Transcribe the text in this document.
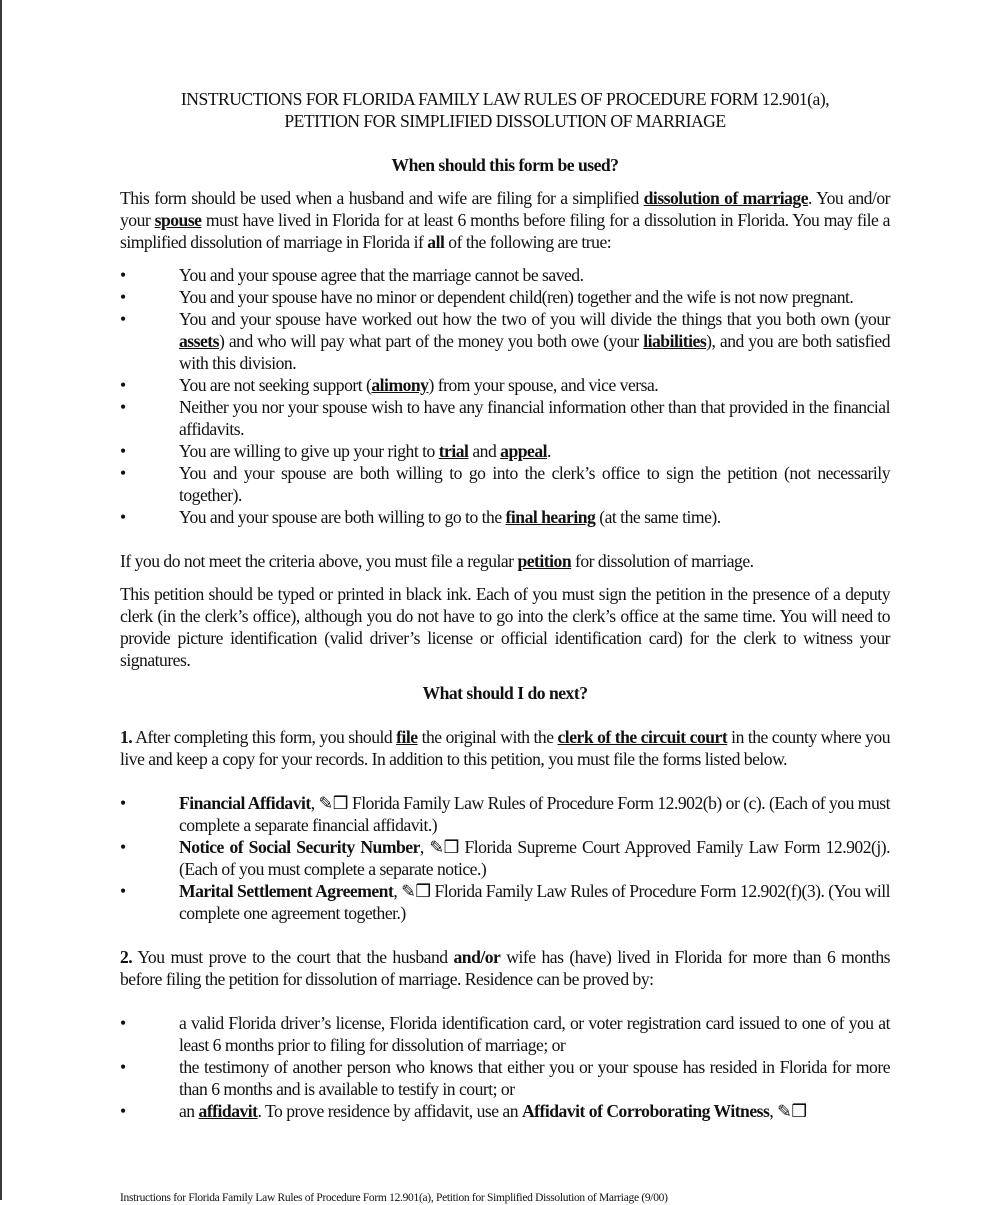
INSTRUCTIONS FOR FLORIDA FAMILY LAW RULES OF PROCEDURE FORM 12.901(a),
PETITION FOR SIMPLIFIED DISSOLUTION OF MARRIAGE

When should this form be used?

This form should be used when a husband and wife are filing for a simplified dissolution of marriage. You and/or your spouse must have lived in Florida for at least 6 months before filing for a dissolution in Florida. You may file a simplified dissolution of marriage in Florida if all of the following are true:

•	You and your spouse agree that the marriage cannot be saved.
•	You and your spouse have no minor or dependent child(ren) together and the wife is not now pregnant.
•	You and your spouse have worked out how the two of you will divide the things that you both own (your assets) and who will pay what part of the money you both owe (your liabilities), and you are both satisfied with this division.
•	You are not seeking support (alimony) from your spouse, and vice versa.
•	Neither you nor your spouse wish to have any financial information other than that provided in the financial affidavits.
•	You are willing to give up your right to trial and appeal.
•	You and your spouse are both willing to go into the clerk’s office to sign the petition (not necessarily together).
•	You and your spouse are both willing to go to the final hearing (at the same time).

If you do not meet the criteria above, you must file a regular petition for dissolution of marriage.

This petition should be typed or printed in black ink. Each of you must sign the petition in the presence of a deputy clerk (in the clerk’s office), although you do not have to go into the clerk’s office at the same time. You will need to provide picture identification (valid driver’s license or official identification card) for the clerk to witness your signatures.

What should I do next?

1. After completing this form, you should file the original with the clerk of the circuit court in the county where you live and keep a copy for your records. In addition to this petition, you must file the forms listed below.

•	Financial Affidavit, ✎❒ Florida Family Law Rules of Procedure Form 12.902(b) or (c). (Each of you must complete a separate financial affidavit.)
•	Notice of Social Security Number, ✎❒ Florida Supreme Court Approved Family Law Form 12.902(j). (Each of you must complete a separate notice.)
•	Marital Settlement Agreement, ✎❒ Florida Family Law Rules of Procedure Form 12.902(f)(3). (You will complete one agreement together.)

2. You must prove to the court that the husband and/or wife has (have) lived in Florida for more than 6 months before filing the petition for dissolution of marriage. Residence can be proved by:

•	a valid Florida driver’s license, Florida identification card, or voter registration card issued to one of you at least 6 months prior to filing for dissolution of marriage; or
•	the testimony of another person who knows that either you or your spouse has resided in Florida for more than 6 months and is available to testify in court; or
•	an affidavit. To prove residence by affidavit, use an Affidavit of Corroborating Witness, ✎❒
Instructions for Florida Family Law Rules of Procedure Form 12.901(a), Petition for Simplified Dissolution of Marriage (9/00)
